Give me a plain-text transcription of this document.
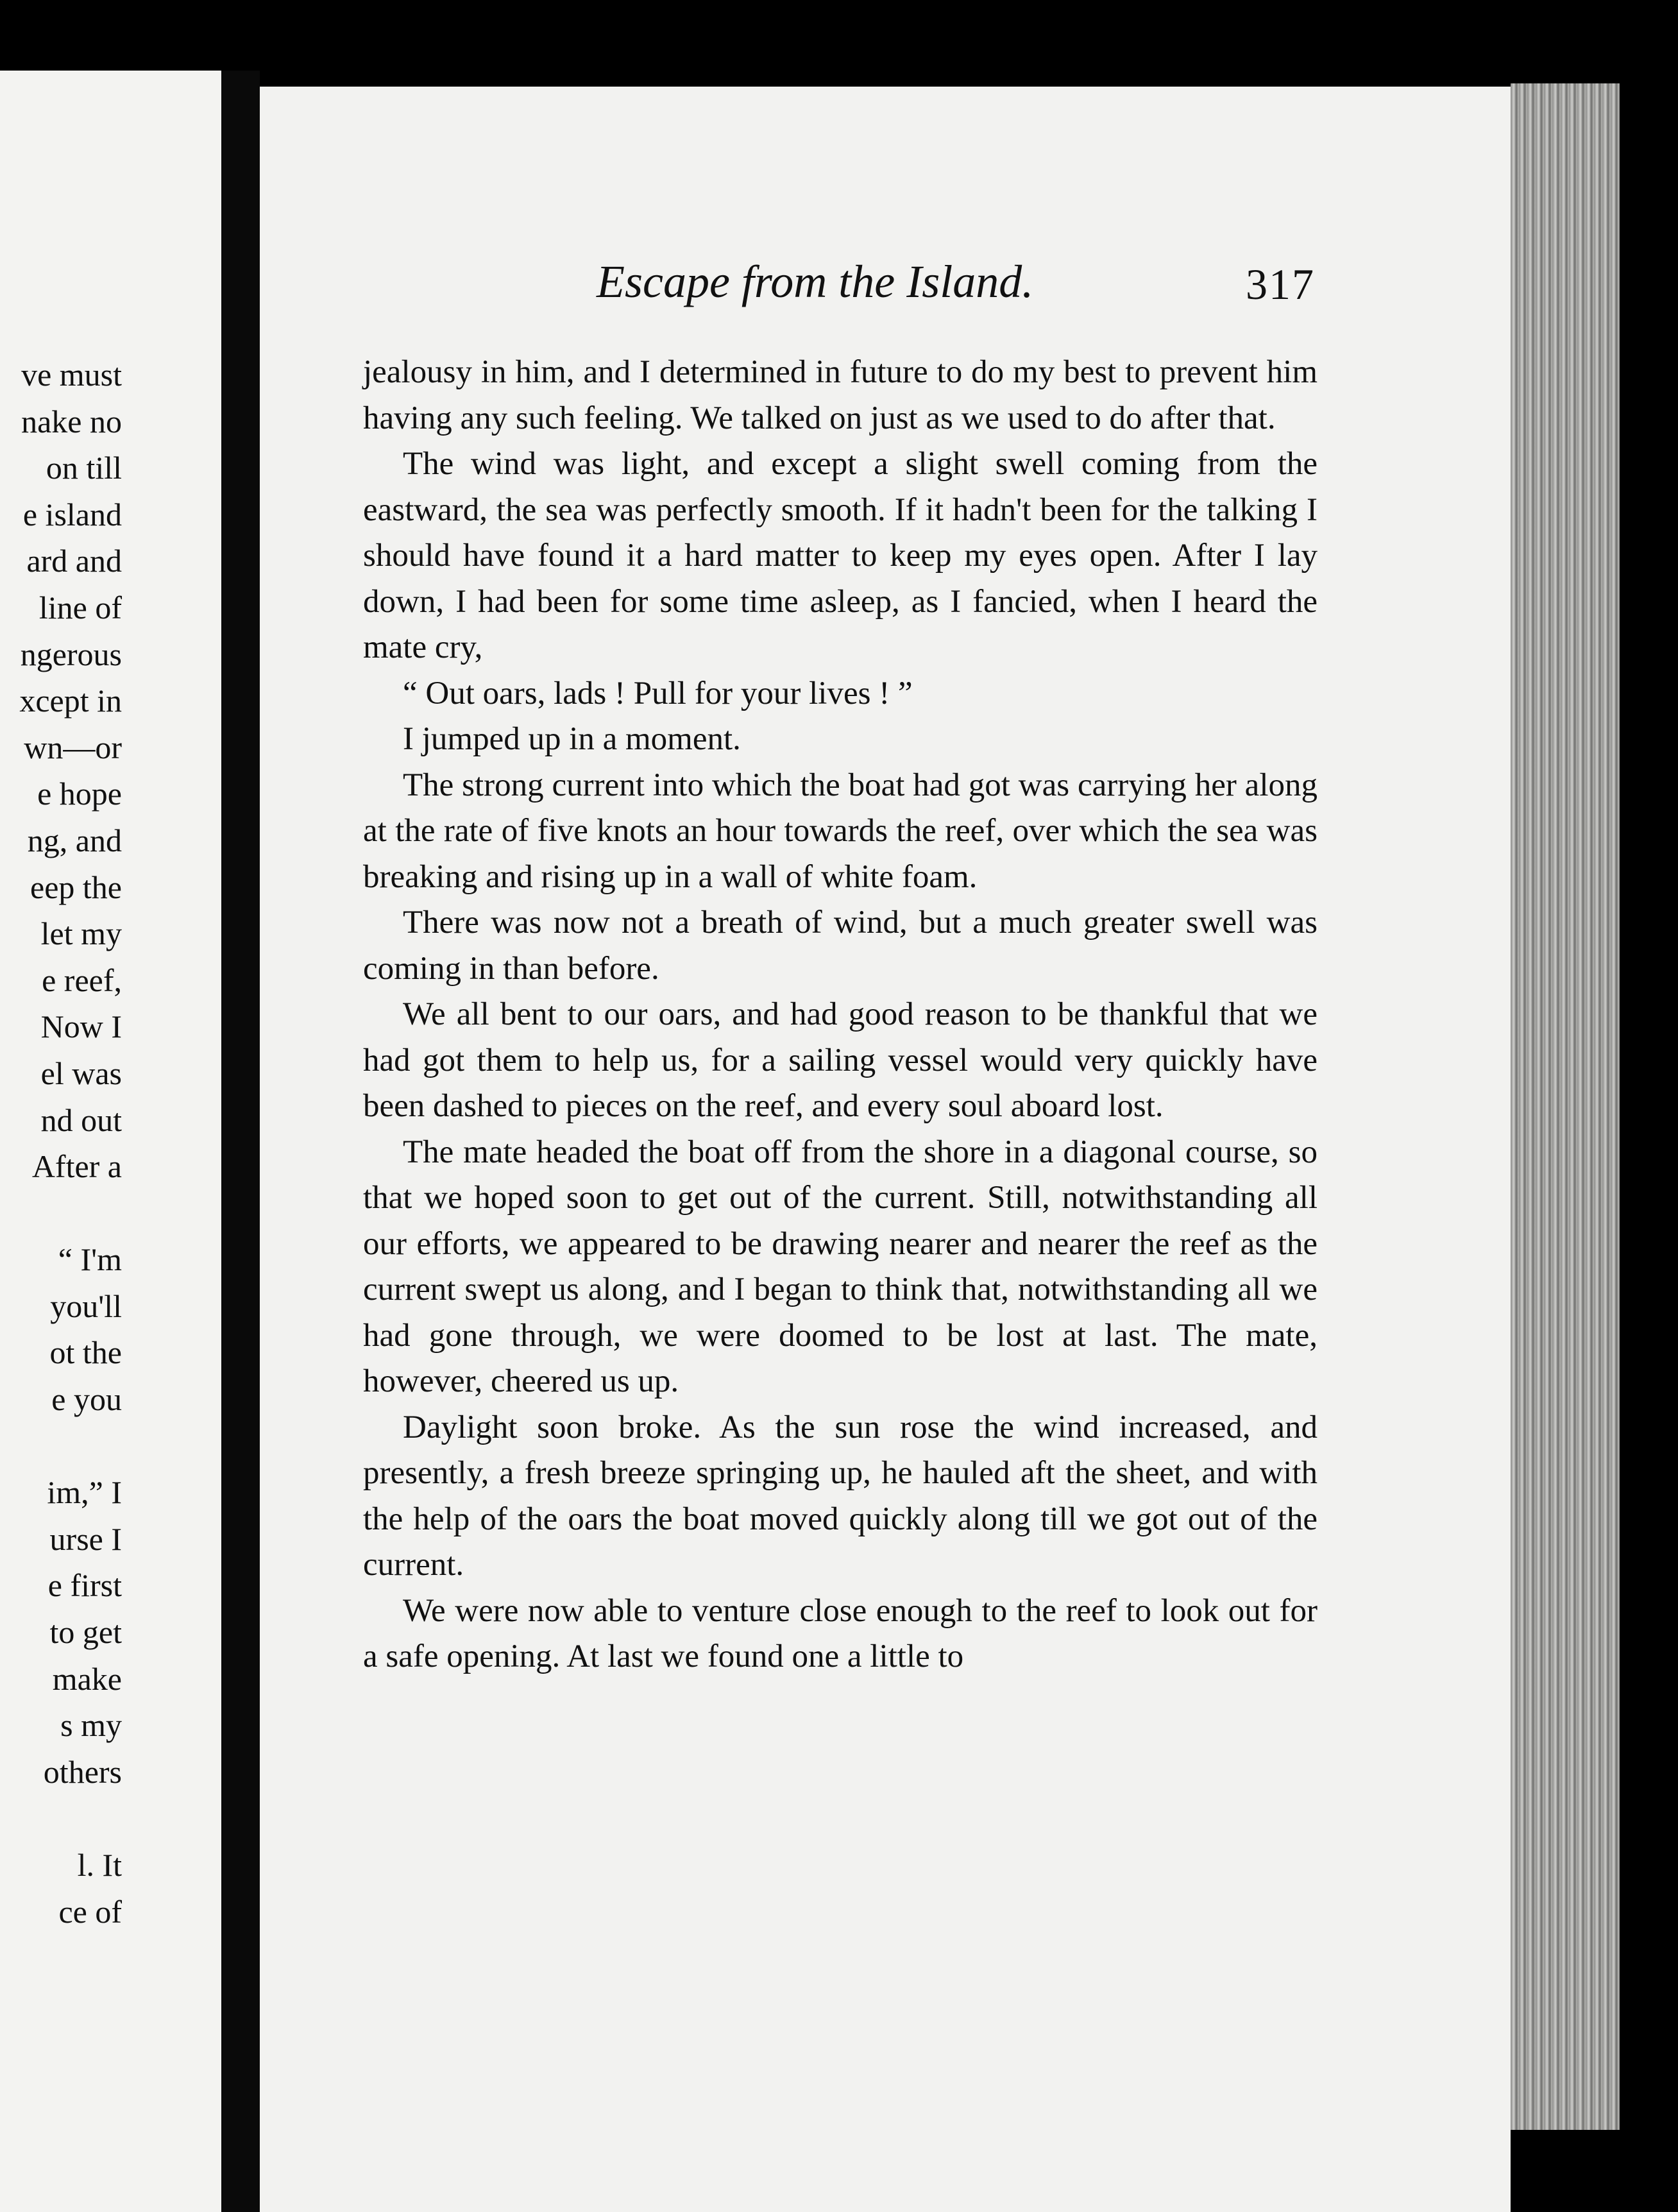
ve must
nake no
on till
e island
ard and
line of
ngerous
xcept in
wn—or
e hope
ng, and
eep the
let my
e reef,
Now I
el was
nd out
After a
“ I'm
you'll
ot the
e you
im,” I
urse I
e first
to get
make
s my
others
l. It
ce of
Escape from the Island.	317

jealousy in him, and I determined in future to do my best to prevent him having any such feeling. We talked on just as we used to do after that.

The wind was light, and except a slight swell coming from the eastward, the sea was perfectly smooth. If it hadn't been for the talking I should have found it a hard matter to keep my eyes open. After I lay down, I had been for some time asleep, as I fancied, when I heard the mate cry,

“ Out oars, lads ! Pull for your lives ! ”

I jumped up in a moment.

The strong current into which the boat had got was carrying her along at the rate of five knots an hour towards the reef, over which the sea was breaking and rising up in a wall of white foam.

There was now not a breath of wind, but a much greater swell was coming in than before.

We all bent to our oars, and had good reason to be thankful that we had got them to help us, for a sailing vessel would very quickly have been dashed to pieces on the reef, and every soul aboard lost.

The mate headed the boat off from the shore in a diagonal course, so that we hoped soon to get out of the current. Still, notwithstanding all our efforts, we appeared to be drawing nearer and nearer the reef as the current swept us along, and I began to think that, notwithstanding all we had gone through, we were doomed to be lost at last. The mate, however, cheered us up.

Daylight soon broke. As the sun rose the wind increased, and presently, a fresh breeze springing up, he hauled aft the sheet, and with the help of the oars the boat moved quickly along till we got out of the current.

We were now able to venture close enough to the reef to look out for a safe opening. At last we found one a little to
